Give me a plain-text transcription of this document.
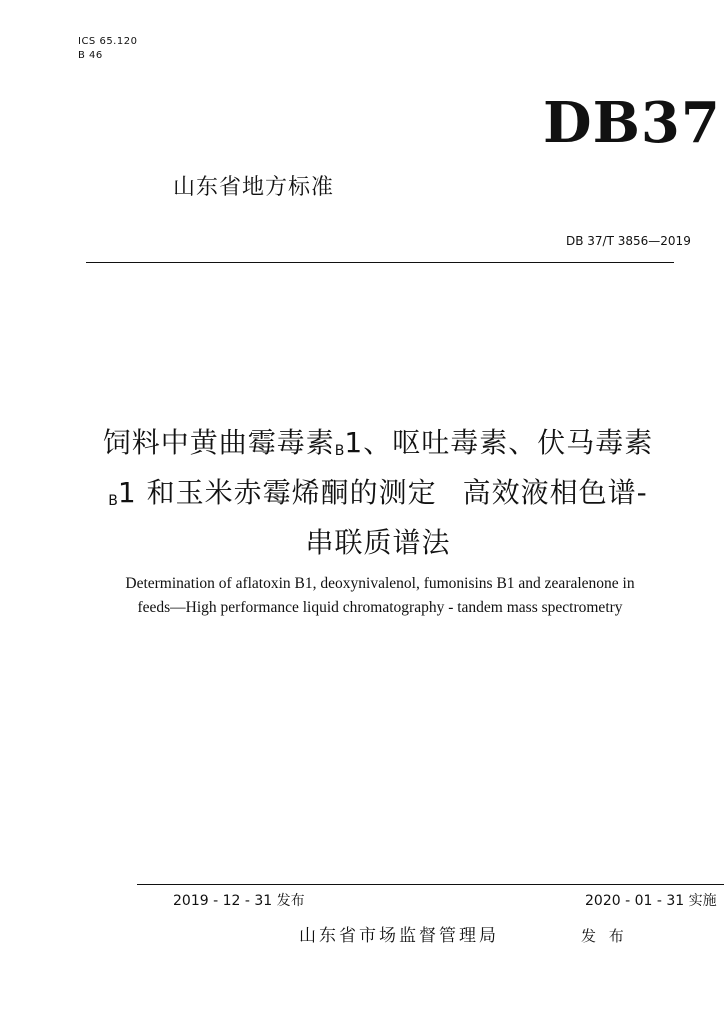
ICS 65.120
B 46
DB37
山东省地方标准
DB 37/T 3856—2019
饲料中黄曲霉毒素$_B$1、呕吐毒素、伏马毒素
$_B$1 和玉米赤霉烯酮的测定 高效液相色谱-
串联质谱法
Determination of aflatoxin B1, deoxynivalenol, fumonisins B1 and zearalenone in
feeds—High performance liquid chromatography - tandem mass spectrometry
2019 - 12 - 31 发布	2020 - 01 - 31 实施
山东省市场监督管理局	发 布
